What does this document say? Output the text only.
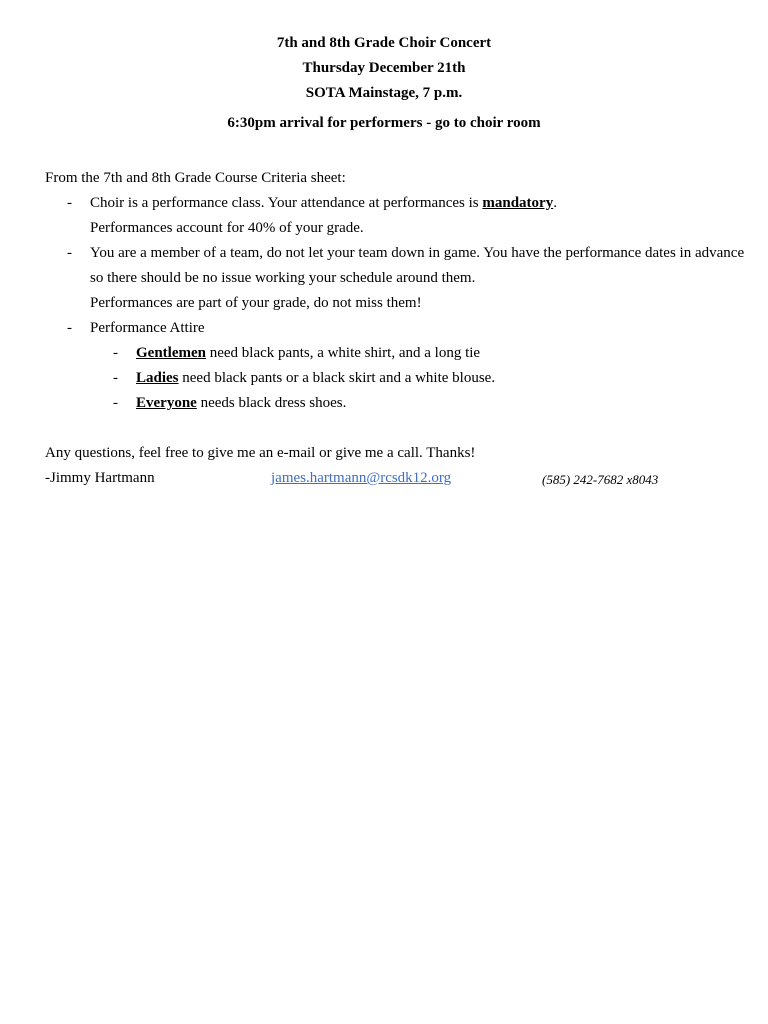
7th and 8th Grade Choir Concert
Thursday December 21th
SOTA Mainstage, 7 p.m.
6:30pm arrival for performers - go to choir room
From the 7th and 8th Grade Course Criteria sheet:
- Choir is a performance class. Your attendance at performances is mandatory.
Performances account for 40% of your grade.
- You are a member of a team, do not let your team down in game. You have the performance dates in advance so there should be no issue working your schedule around them.
Performances are part of your grade, do not miss them!
- Performance Attire
- Gentlemen need black pants, a white shirt, and a long tie
- Ladies need black pants or a black skirt and a white blouse.
- Everyone needs black dress shoes.
Any questions, feel free to give me an e-mail or give me a call. Thanks!
-Jimmy Hartmann	james.hartmann@rcsdk12.org	(585) 242-7682 x8043
